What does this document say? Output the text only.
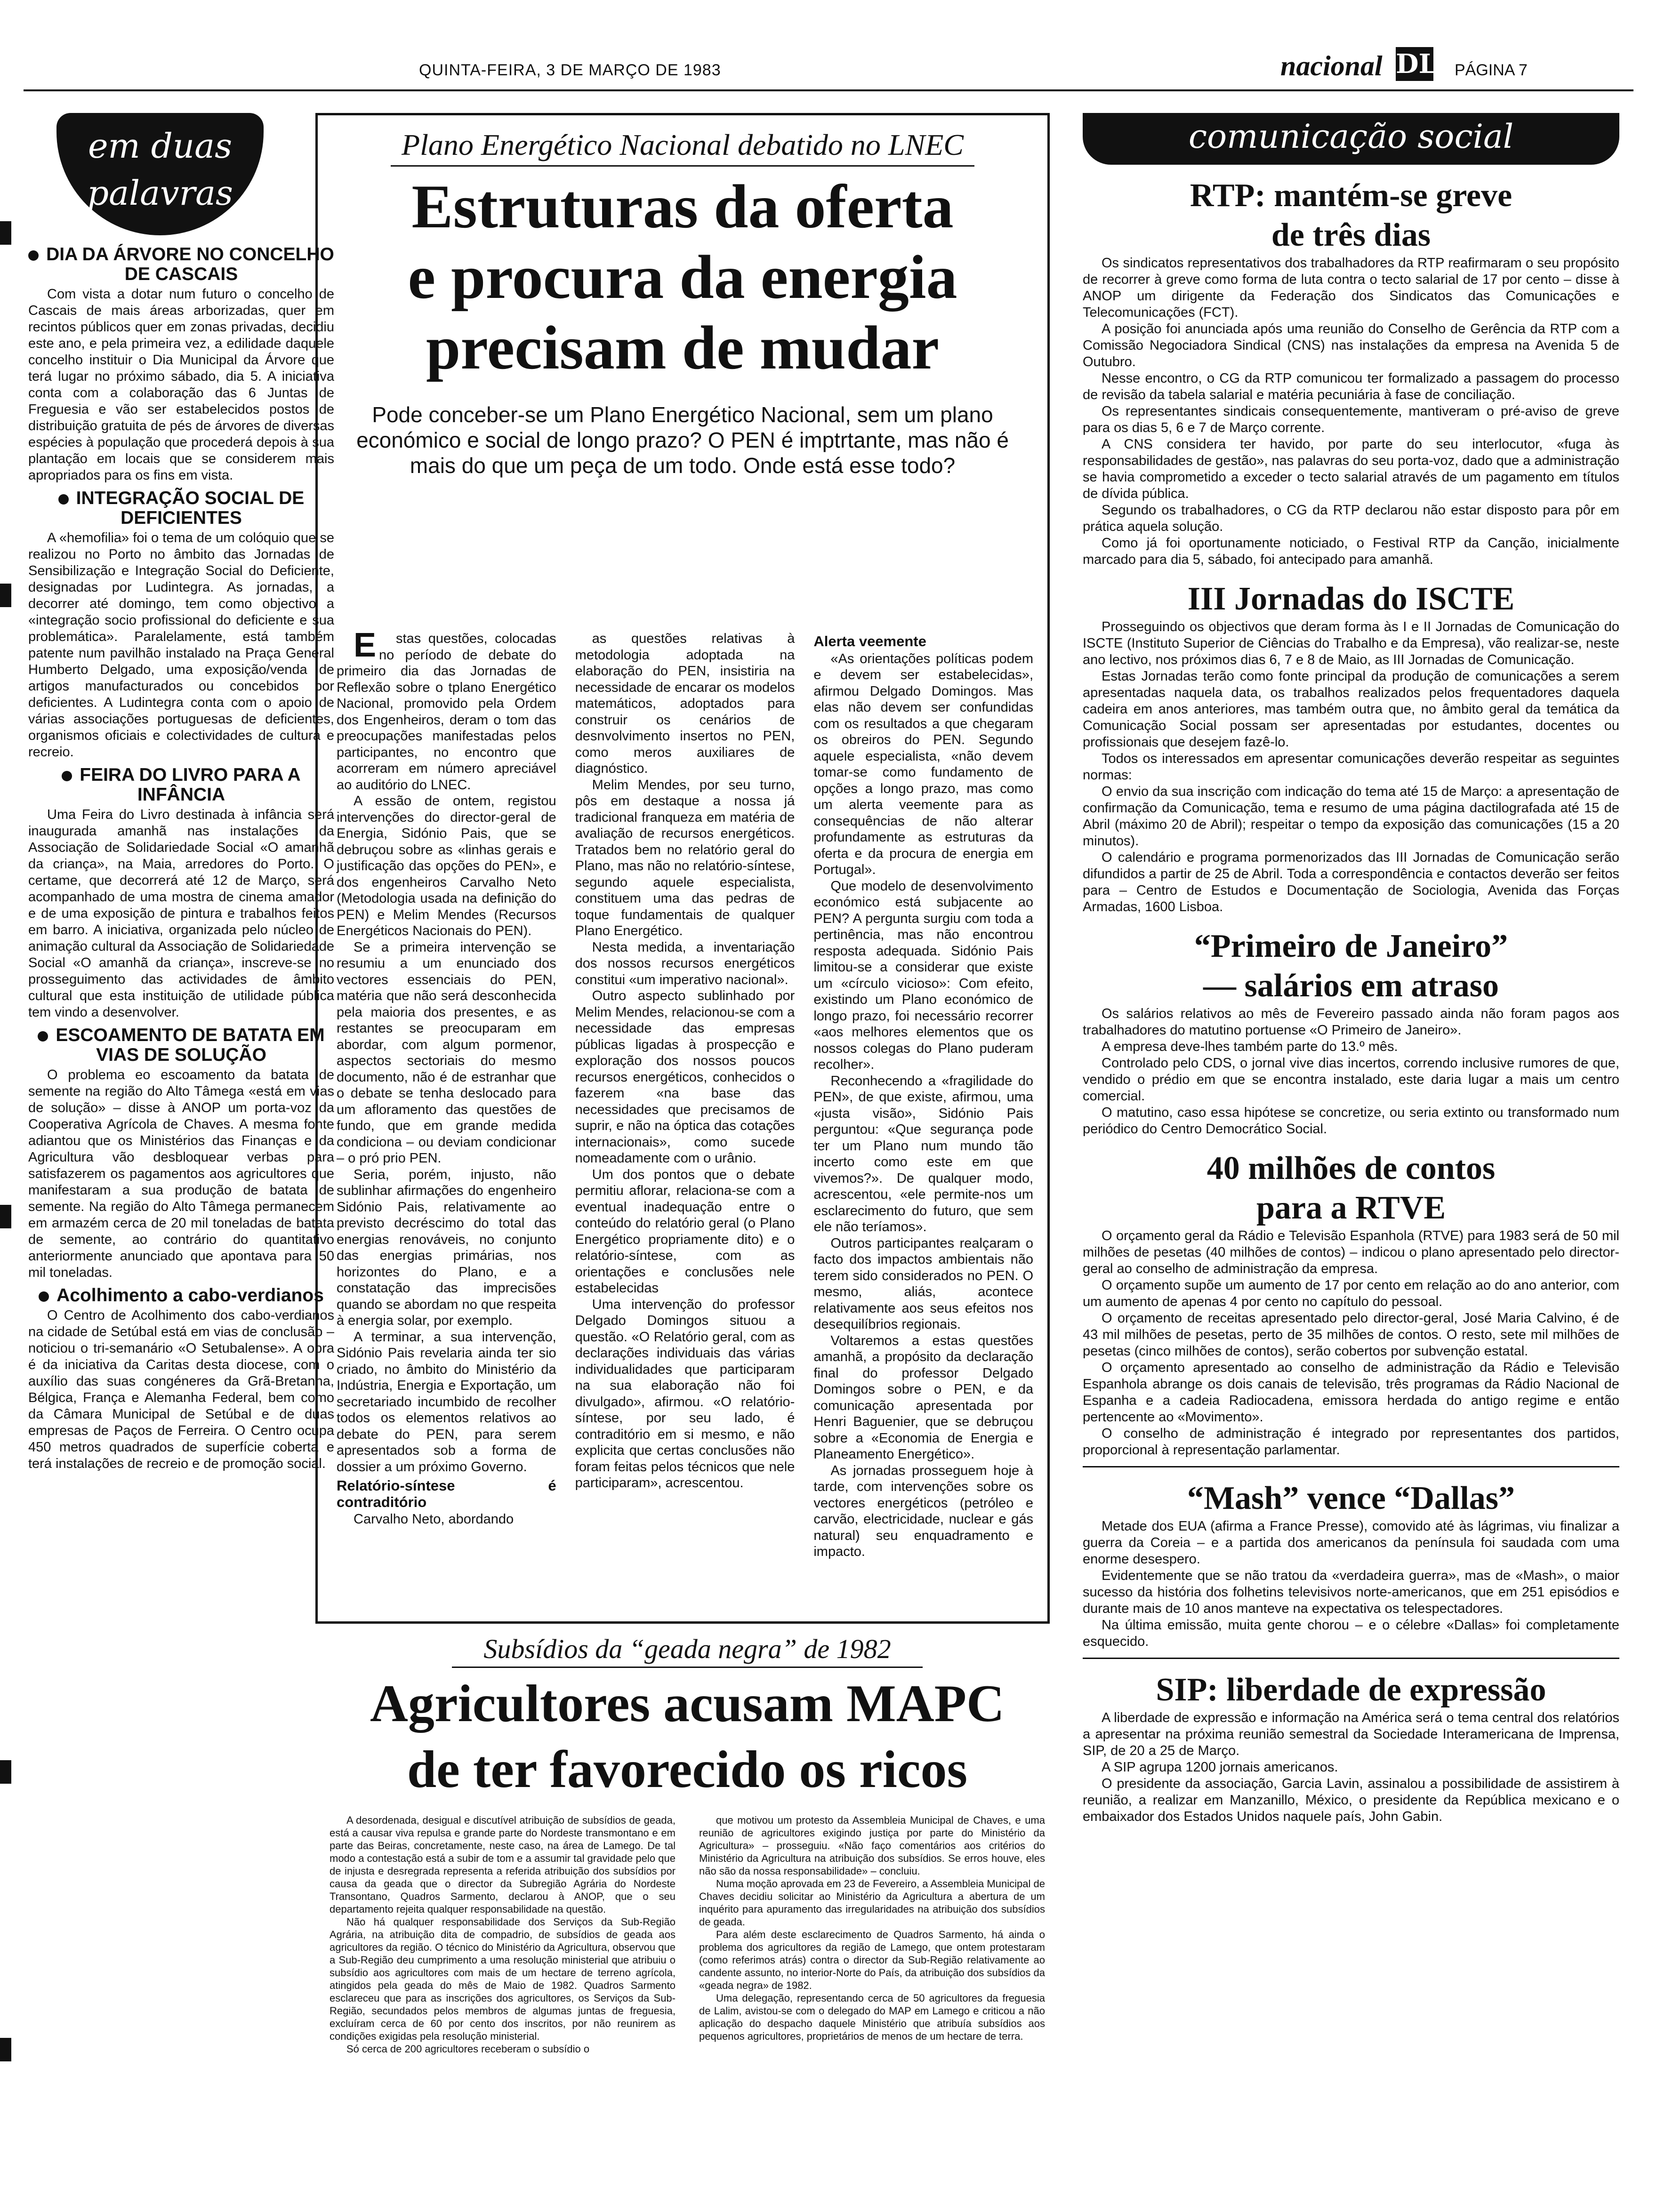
QUINTA-FEIRA, 3 DE MARÇO DE 1983	nacional DL PÁGINA 7
em duas
palavras
DIA DA ÁRVORE NO CONCELHO DE CASCAIS

Com vista a dotar num futuro o concelho de Cascais de mais áreas arborizadas, quer em recintos públicos quer em zonas privadas, decidiu este ano, e pela primeira vez, a edilidade daquele concelho instituir o Dia Municipal da Árvore que terá lugar no próximo sábado, dia 5. A iniciativa conta com a colaboração das 6 Juntas de Freguesia e vão ser estabelecidos postos de distribuição gratuita de pés de árvores de diversas espécies à população que procederá depois à sua plantação em locais que se considerem mais apropriados para os fins em vista.

INTEGRAÇÃO SOCIAL DE DEFICIENTES

A «hemofilia» foi o tema de um colóquio que se realizou no Porto no âmbito das Jornadas de Sensibilização e Integração Social do Deficiente, designadas por Ludintegra. As jornadas, a decorrer até domingo, tem como objectivo a «integração socio profissional do deficiente e sua problemática». Paralelamente, está também patente num pavilhão instalado na Praça General Humberto Delgado, uma exposição/venda de artigos manufacturados ou concebidos por deficientes. A Ludintegra conta com o apoio de várias associações portuguesas de deficientes, organismos oficiais e colectividades de cultura e recreio.

FEIRA DO LIVRO PARA A INFÂNCIA

Uma Feira do Livro destinada à infância será inaugurada amanhã nas instalações da Associação de Solidariedade Social «O amanhã da criança», na Maia, arredores do Porto. O certame, que decorrerá até 12 de Março, será acompanhado de uma mostra de cinema amador e de uma exposição de pintura e trabalhos feitos em barro. A iniciativa, organizada pelo núcleo de animação cultural da Associação de Solidariedade Social «O amanhã da criança», inscreve-se no prosseguimento das actividades de âmbito cultural que esta instituição de utilidade pública tem vindo a desenvolver.

ESCOAMENTO DE BATATA EM VIAS DE SOLUÇÃO

O problema eo escoamento da batata de semente na região do Alto Tâmega «está em vias de solução» – disse à ANOP um porta-voz da Cooperativa Agrícola de Chaves. A mesma fonte adiantou que os Ministérios das Finanças e da Agricultura vão desbloquear verbas para satisfazerem os pagamentos aos agricultores que manifestaram a sua produção de batata de semente. Na região do Alto Tâmega permanecem em armazém cerca de 20 mil toneladas de batata de semente, ao contrário do quantitativo anteriormente anunciado que apontava para 50 mil toneladas.

Acolhimento a cabo-verdianos

O Centro de Acolhimento dos cabo-verdianos na cidade de Setúbal está em vias de conclusão – noticiou o tri-semanário «O Setubalense». A obra é da iniciativa da Caritas desta diocese, com o auxílio das suas congéneres da Grã-Bretanha, Bélgica, França e Alemanha Federal, bem como da Câmara Municipal de Setúbal e de duas empresas de Paços de Ferreira. O Centro ocupa 450 metros quadrados de superfície coberta e terá instalações de recreio e de promoção social.

Plano Energético Nacional debatido no LNEC
Estruturas da oferta
e procura da energia
precisam de mudar
Pode conceber-se um Plano Energético Nacional, sem um plano económico e social de longo prazo? O PEN é imptrtante, mas não é mais do que um peça de um todo. Onde está esse todo?

Estas questões, colocadas no período de debate do primeiro dia das Jornadas de Reflexão sobre o tplano Energético Nacional, promovido pela Ordem dos Engenheiros, deram o tom das preocupações manifestadas pelos participantes, no encontro que acorreram em número apreciável ao auditório do LNEC.

A essão de ontem, registou intervenções do director-geral de Energia, Sidónio Pais, que se debruçou sobre as «linhas gerais e justificação das opções do PEN», e dos engenheiros Carvalho Neto (Metodologia usada na definição do PEN) e Melim Mendes (Recursos Energéticos Nacionais do PEN).

Se a primeira intervenção se resumiu a um enunciado dos vectores essenciais do PEN, matéria que não será desconhecida pela maioria dos presentes, e as restantes se preocuparam em abordar, com algum pormenor, aspectos sectoriais do mesmo documento, não é de estranhar que o debate se tenha deslocado para um afloramento das questões de fundo, que em grande medida condiciona – ou deviam condicionar – o pró prio PEN.

Seria, porém, injusto, não sublinhar afirmações do engenheiro Sidónio Pais, relativamente ao previsto decréscimo do total das energias renováveis, no conjunto das energias primárias, nos horizontes do Plano, e a constatação das imprecisões quando se abordam no que respeita à energia solar, por exemplo.

A terminar, a sua intervenção, Sidónio Pais revelaria ainda ter sio criado, no âmbito do Ministério da Indústria, Energia e Exportação, um secretariado incumbido de recolher todos os elementos relativos ao debate do PEN, para serem apresentados sob a forma de dossier a um próximo Governo.

Relatório-síntese é contraditório

Carvalho Neto, abordando

as questões relativas à metodologia adoptada na elaboração do PEN, insistiria na necessidade de encarar os modelos matemáticos, adoptados para construir os cenários de desnvolvimento insertos no PEN, como meros auxiliares de diagnóstico.

Melim Mendes, por seu turno, pôs em destaque a nossa já tradicional franqueza em matéria de avaliação de recursos energéticos. Tratados bem no relatório geral do Plano, mas não no relatório-síntese, segundo aquele especialista, constituem uma das pedras de toque fundamentais de qualquer Plano Energético.

Nesta medida, a inventariação dos nossos recursos energéticos constitui «um imperativo nacional».

Outro aspecto sublinhado por Melim Mendes, relacionou-se com a necessidade das empresas públicas ligadas à prospecção e exploração dos nossos poucos recursos energéticos, conhecidos o fazerem «na base das necessidades que precisamos de suprir, e não na óptica das cotações internacionais», como sucede nomeadamente com o urânio.

Um dos pontos que o debate permitiu aflorar, relaciona-se com a eventual inadequação entre o conteúdo do relatório geral (o Plano Energético propriamente dito) e o relatório-síntese, com as orientações e conclusões nele estabelecidas

Uma intervenção do professor Delgado Domingos situou a questão. «O Relatório geral, com as declarações individuais das várias individualidades que participaram na sua elaboração não foi divulgado», afirmou. «O relatório-síntese, por seu lado, é contraditório em si mesmo, e não explicita que certas conclusões não foram feitas pelos técnicos que nele participaram», acrescentou.

Alerta veemente

«As orientações políticas podem e devem ser estabelecidas», afirmou Delgado Domingos. Mas elas não devem ser confundidas com os resultados a que chegaram os obreiros do PEN. Segundo aquele especialista, «não devem tomar-se como fundamento de opções a longo prazo, mas como um alerta veemente para as consequências de não alterar profundamente as estruturas da oferta e da procura de energia em Portugal».

Que modelo de desenvolvimento económico está subjacente ao PEN? A pergunta surgiu com toda a pertinência, mas não encontrou resposta adequada. Sidónio Pais limitou-se a considerar que existe um «círculo vicioso»: Com efeito, existindo um Plano económico de longo prazo, foi necessário recorrer «aos melhores elementos que os nossos colegas do Plano puderam recolher».

Reconhecendo a «fragilidade do PEN», de que existe, afirmou, uma «justa visão», Sidónio Pais perguntou: «Que segurança pode ter um Plano num mundo tão incerto como este em que vivemos?». De qualquer modo, acrescentou, «ele permite-nos um esclarecimento do futuro, que sem ele não teríamos».

Outros participantes realçaram o facto dos impactos ambientais não terem sido considerados no PEN. O mesmo, aliás, acontece relativamente aos seus efeitos nos desequilíbrios regionais.

Voltaremos a estas questões amanhã, a propósito da declaração final do professor Delgado Domingos sobre o PEN, e da comunicação apresentada por Henri Baguenier, que se debruçou sobre a «Economia de Energia e Planeamento Energético».

As jornadas prosseguem hoje à tarde, com intervenções sobre os vectores energéticos (petróleo e carvão, electricidade, nuclear e gás natural) seu enquadramento e impacto.

Subsídios da “geada negra” de 1982
Agricultores acusam MAPC
de ter favorecido os ricos

A desordenada, desigual e discutível atribuição de subsídios de geada, está a causar viva repulsa e grande parte do Nordeste transmontano e em parte das Beiras, concretamente, neste caso, na área de Lamego. De tal modo a contestação está a subir de tom e a assumir tal gravidade pelo que de injusta e desregrada representa a referida atribuição dos subsídios por causa da geada que o director da Subregião Agrária do Nordeste Transontano, Quadros Sarmento, declarou à ANOP, que o seu departamento rejeita qualquer responsabilidade na questão.

Não há qualquer responsabilidade dos Serviços da Sub-Região Agrária, na atribuição dita de compadrio, de subsídios de geada aos agricultores da região. O técnico do Ministério da Agricultura, observou que a Sub-Região deu cumprimento a uma resolução ministerial que atribuiu o subsídio aos agricultores com mais de um hectare de terreno agrícola, atingidos pela geada do mês de Maio de 1982. Quadros Sarmento esclareceu que para as inscrições dos agricultores, os Serviços da Sub-Região, secundados pelos membros de algumas juntas de freguesia, excluíram cerca de 60 por cento dos inscritos, por não reunirem as condições exigidas pela resolução ministerial.

Só cerca de 200 agricultores receberam o subsídio o

que motivou um protesto da Assembleia Municipal de Chaves, e uma reunião de agricultores exigindo justiça por parte do Ministério da Agricultura» – prosseguiu. «Não faço comentários aos critérios do Ministério da Agricultura na atribuição dos subsídios. Se erros houve, eles não são da nossa responsabilidade» – concluiu.

Numa moção aprovada em 23 de Fevereiro, a Assembleia Municipal de Chaves decidiu solicitar ao Ministério da Agricultura a abertura de um inquérito para apuramento das irregularidades na atribuição dos subsídios de geada.

Para além deste esclarecimento de Quadros Sarmento, há ainda o problema dos agricultores da região de Lamego, que ontem protestaram (como referimos atrás) contra o director da Sub-Região relativamente ao candente assunto, no interior-Norte do País, da atribuição dos subsídios da «geada negra» de 1982.

Uma delegação, representando cerca de 50 agricultores da freguesia de Lalim, avistou-se com o delegado do MAP em Lamego e criticou a não aplicação do despacho daquele Ministério que atribuía subsídios aos pequenos agricultores, proprietários de menos de um hectare de terra.

comunicação social
RTP: mantém-se greve
de três dias

Os sindicatos representativos dos trabalhadores da RTP reafirmaram o seu propósito de recorrer à greve como forma de luta contra o tecto salarial de 17 por cento – disse à ANOP um dirigente da Federação dos Sindicatos das Comunicações e Telecomunicações (FCT).

A posição foi anunciada após uma reunião do Conselho de Gerência da RTP com a Comissão Negociadora Sindical (CNS) nas instalações da empresa na Avenida 5 de Outubro.

Nesse encontro, o CG da RTP comunicou ter formalizado a passagem do processo de revisão da tabela salarial e matéria pecuniária à fase de conciliação.

Os representantes sindicais consequentemente, mantiveram o pré-aviso de greve para os dias 5, 6 e 7 de Março corrente.

A CNS considera ter havido, por parte do seu interlocutor, «fuga às responsabilidades de gestão», nas palavras do seu porta-voz, dado que a administração se havia comprometido a exceder o tecto salarial através de um pagamento em títulos de dívida pública.

Segundo os trabalhadores, o CG da RTP declarou não estar disposto para pôr em prática aquela solução.

Como já foi oportunamente noticiado, o Festival RTP da Canção, inicialmente marcado para dia 5, sábado, foi antecipado para amanhã.

III Jornadas do ISCTE

Prosseguindo os objectivos que deram forma às I e II Jornadas de Comunicação do ISCTE (Instituto Superior de Ciências do Trabalho e da Empresa), vão realizar-se, neste ano lectivo, nos próximos dias 6, 7 e 8 de Maio, as III Jornadas de Comunicação.

Estas Jornadas terão como fonte principal da produção de comunicações a serem apresentadas naquela data, os trabalhos realizados pelos frequentadores daquela cadeira em anos anteriores, mas também outra que, no âmbito geral da temática da Comunicação Social possam ser apresentadas por estudantes, docentes ou profissionais que desejem fazê-lo.

Todos os interessados em apresentar comunicações deverão respeitar as seguintes normas:

O envio da sua inscrição com indicação do tema até 15 de Março: a apresentação de confirmação da Comunicação, tema e resumo de uma página dactilografada até 15 de Abril (máximo 20 de Abril); respeitar o tempo da exposição das comunicações (15 a 20 minutos).

O calendário e programa pormenorizados das III Jornadas de Comunicação serão difundidos a partir de 25 de Abril. Toda a correspondência e contactos deverão ser feitos para – Centro de Estudos e Documentação de Sociologia, Avenida das Forças Armadas, 1600 Lisboa.

“Primeiro de Janeiro”
— salários em atraso

Os salários relativos ao mês de Fevereiro passado ainda não foram pagos aos trabalhadores do matutino portuense «O Primeiro de Janeiro».

A empresa deve-lhes também parte do 13.º mês.

Controlado pelo CDS, o jornal vive dias incertos, correndo inclusive rumores de que, vendido o prédio em que se encontra instalado, este daria lugar a mais um centro comercial.

O matutino, caso essa hipótese se concretize, ou seria extinto ou transformado num periódico do Centro Democrático Social.

40 milhões de contos
para a RTVE

O orçamento geral da Rádio e Televisão Espanhola (RTVE) para 1983 será de 50 mil milhões de pesetas (40 milhões de contos) – indicou o plano apresentado pelo director-geral ao conselho de administração da empresa.

O orçamento supõe um aumento de 17 por cento em relação ao do ano anterior, com um aumento de apenas 4 por cento no capítulo do pessoal.

O orçamento de receitas apresentado pelo director-geral, José Maria Calvino, é de 43 mil milhões de pesetas, perto de 35 milhões de contos. O resto, sete mil milhões de pesetas (cinco milhões de contos), serão cobertos por subvenção estatal.

O orçamento apresentado ao conselho de administração da Rádio e Televisão Espanhola abrange os dois canais de televisão, três programas da Rádio Nacional de Espanha e a cadeia Radiocadena, emissora herdada do antigo regime e então pertencente ao «Movimento».

O conselho de administração é integrado por representantes dos partidos, proporcional à representação parlamentar.

“Mash” vence “Dallas”

Metade dos EUA (afirma a France Presse), comovido até às lágrimas, viu finalizar a guerra da Coreia – e a partida dos americanos da península foi saudada com uma enorme desespero.

Evidentemente que se não tratou da «verdadeira guerra», mas de «Mash», o maior sucesso da história dos folhetins televisivos norte-americanos, que em 251 episódios e durante mais de 10 anos manteve na expectativa os telespectadores.

Na última emissão, muita gente chorou – e o célebre «Dallas» foi completamente esquecido.

SIP: liberdade de expressão

A liberdade de expressão e informação na América será o tema central dos relatórios a apresentar na próxima reunião semestral da Sociedade Interamericana de Imprensa, SIP, de 20 a 25 de Março.

A SIP agrupa 1200 jornais americanos.

O presidente da associação, Garcia Lavin, assinalou a possibilidade de assistirem à reunião, a realizar em Manzanillo, México, o presidente da República mexicano e o embaixador dos Estados Unidos naquele país, John Gabin.
